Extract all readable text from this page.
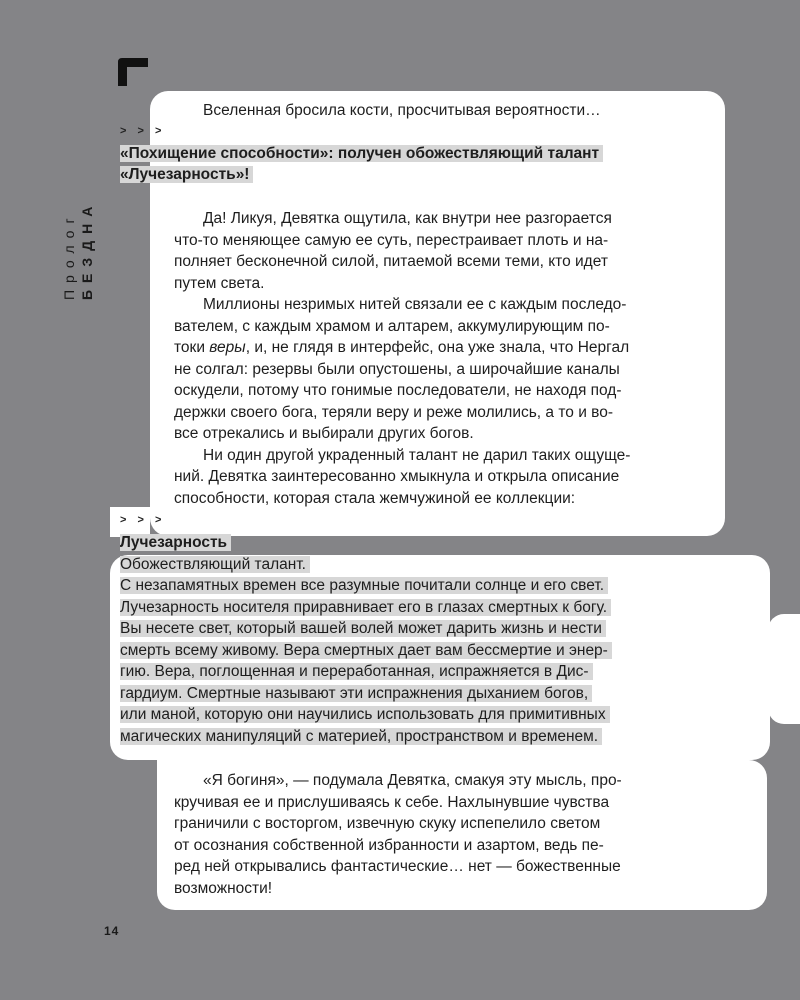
Пролог БЕЗДНА
Вселенная бросила кости, просчитывая вероятности…
> > >
«Похищение способности»: получен обожествляющий талант
«Лучезарность»!
Да! Ликуя, Девятка ощутила, как внутри нее разгорается
что-то меняющее самую ее суть, перестраивает плоть и на-
полняет бесконечной силой, питаемой всеми теми, кто идет
путем света.
Миллионы незримых нитей связали ее с каждым последо-
вателем, с каждым храмом и алтарем, аккумулирующим по-
токи веры, и, не глядя в интерфейс, она уже знала, что Нергал
не солгал: резервы были опустошены, а широчайшие каналы
оскудели, потому что гонимые последователи, не находя под-
держки своего бога, теряли веру и реже молились, а то и во-
все отрекались и выбирали других богов.
Ни один другой украденный талант не дарил таких ощуще-
ний. Девятка заинтересованно хмыкнула и открыла описание
способности, которая стала жемчужиной ее коллекции:
> > >
Лучезарность
Обожествляющий талант.
С незапамятных времен все разумные почитали солнце и его свет.
Лучезарность носителя приравнивает его в глазах смертных к богу.
Вы несете свет, который вашей волей может дарить жизнь и нести
смерть всему живому. Вера смертных дает вам бессмертие и энер-
гию. Вера, поглощенная и переработанная, испражняется в Дис-
гардиум. Смертные называют эти испражнения дыханием богов,
или маной, которую они научились использовать для примитивных
магических манипуляций с материей, пространством и временем.
«Я богиня», — подумала Девятка, смакуя эту мысль, про-
кручивая ее и прислушиваясь к себе. Нахлынувшие чувства
граничили с восторгом, извечную скуку испепелило светом
от осознания собственной избранности и азартом, ведь пе-
ред ней открывались фантастические… нет — божественные
возможности!
14
